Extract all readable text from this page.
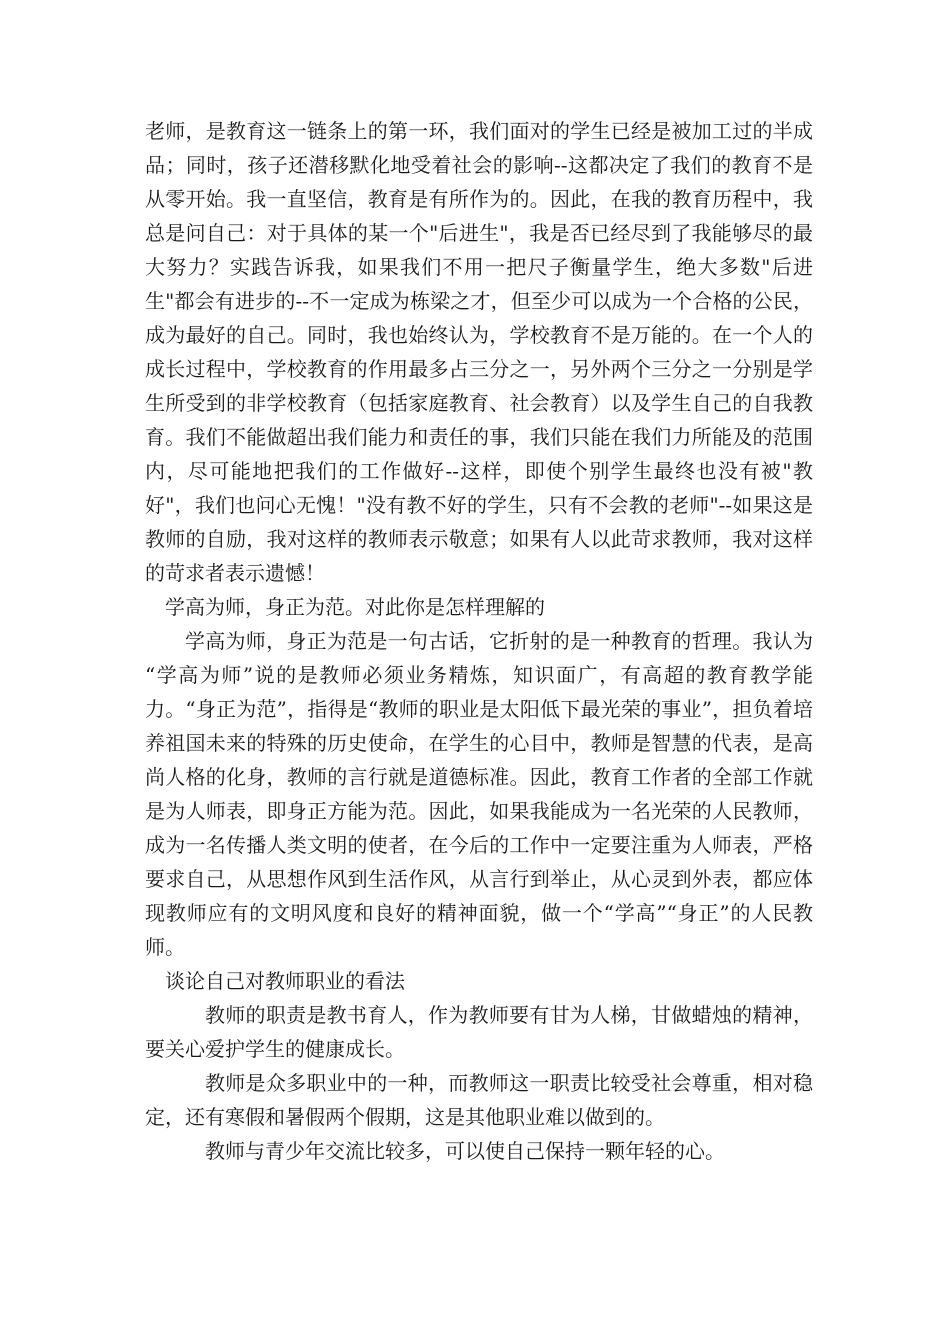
老师，是教育这一链条上的第一环，我们面对的学生已经是被加工过的半成品；同时，孩子还潜移默化地受着社会的影响--这都决定了我们的教育不是从零开始。我一直坚信，教育是有所作为的。因此，在我的教育历程中，我总是问自己：对于具体的某一个"后进生"，我是否已经尽到了我能够尽的最大努力？实践告诉我，如果我们不用一把尺子衡量学生，绝大多数"后进生"都会有进步的--不一定成为栋梁之才，但至少可以成为一个合格的公民，成为最好的自己。同时，我也始终认为，学校教育不是万能的。在一个人的成长过程中，学校教育的作用最多占三分之一，另外两个三分之一分别是学生所受到的非学校教育（包括家庭教育、社会教育）以及学生自己的自我教育。我们不能做超出我们能力和责任的事，我们只能在我们力所能及的范围内，尽可能地把我们的工作做好--这样，即使个别学生最终也没有被"教好"，我们也问心无愧！"没有教不好的学生，只有不会教的老师"--如果这是教师的自励，我对这样的教师表示敬意；如果有人以此苛求教师，我对这样的苛求者表示遗憾！

学高为师，身正为范。对此你是怎样理解的

学高为师，身正为范是一句古话，它折射的是一种教育的哲理。我认为 “学高为师”说的是教师必须业务精炼，知识面广，有高超的教育教学能力。“身正为范”，指得是“教师的职业是太阳低下最光荣的事业”，担负着培养祖国未来的特殊的历史使命，在学生的心目中，教师是智慧的代表，是高尚人格的化身，教师的言行就是道德标准。因此，教育工作者的全部工作就是为人师表，即身正方能为范。因此，如果我能成为一名光荣的人民教师，成为一名传播人类文明的使者，在今后的工作中一定要注重为人师表，严格要求自己，从思想作风到生活作风，从言行到举止，从心灵到外表，都应体现教师应有的文明风度和良好的精神面貌，做一个“学高”“身正”的人民教师。

谈论自己对教师职业的看法

教师的职责是教书育人，作为教师要有甘为人梯，甘做蜡烛的精神，要关心爱护学生的健康成长。

教师是众多职业中的一种，而教师这一职责比较受社会尊重，相对稳定，还有寒假和暑假两个假期，这是其他职业难以做到的。

教师与青少年交流比较多，可以使自己保持一颗年轻的心。
